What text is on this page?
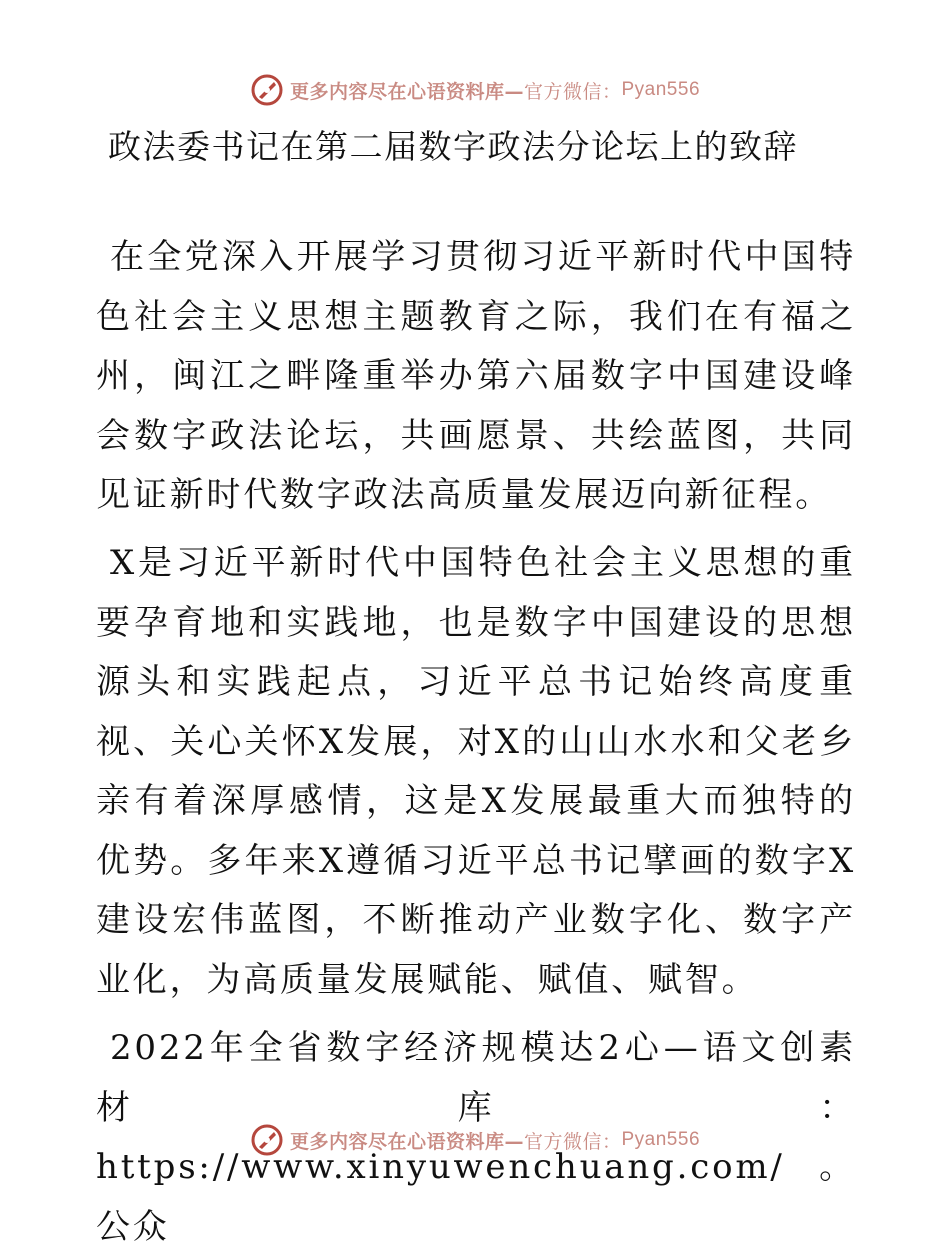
更多内容尽在心语资料库— 官方微信： Pyan556
政法委书记在第二届数字政法分论坛上的致辞

在全党深入开展学习贯彻习近平新时代中国特色社会主义思想主题教育之际，我们在有福之州，闽江之畔隆重举办第六届数字中国建设峰会数字政法论坛，共画愿景、共绘蓝图，共同见证新时代数字政法高质量发展迈向新征程。

X是习近平新时代中国特色社会主义思想的重要孕育地和实践地，也是数字中国建设的思想源头和实践起点，习近平总书记始终高度重视、关心关怀X发展，对X的山山水水和父老乡亲有着深厚感情，这是X发展最重大而独特的优势。多年来X遵循习近平总书记擘画的数字X建设宏伟蓝图，不断推动产业数字化、数字产业化，为高质量发展赋能、赋值、赋智。

2022年全省数字经济规模达2心—语文创素材库：https://www.xinyuwenchuang.com/。公众

更多内容尽在心语资料库— 官方微信： Pyan556
